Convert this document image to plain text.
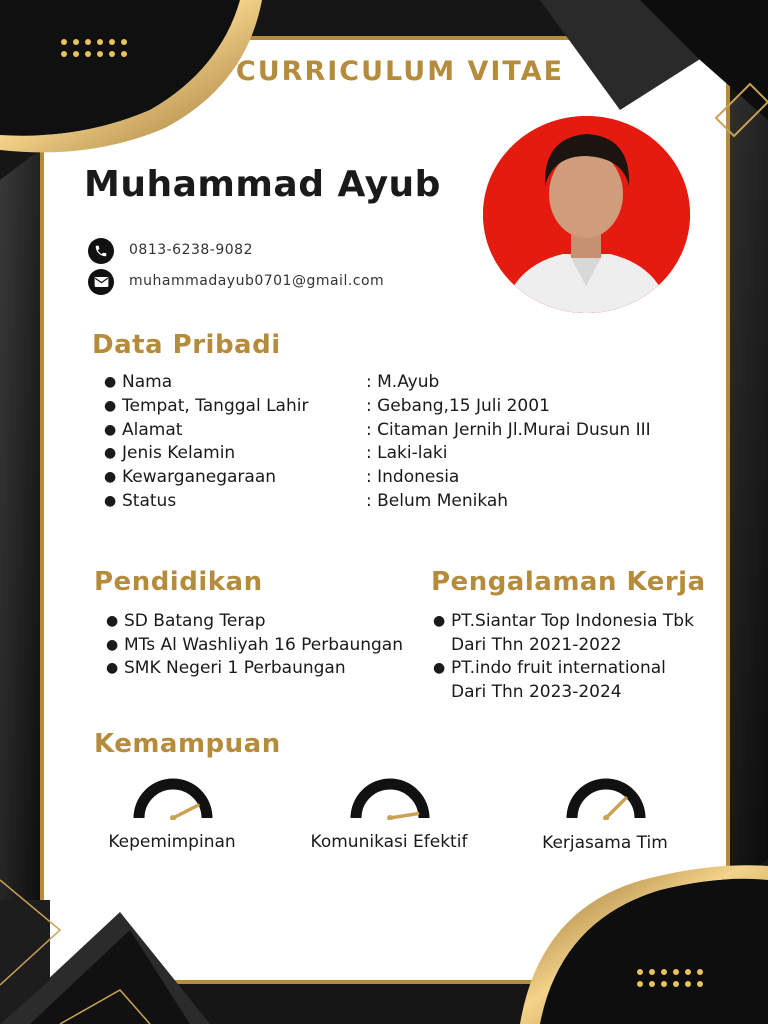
CURRICULUM VITAE
Muhammad Ayub
0813-6238-9082
muhammadayub0701@gmail.com
Data Pribadi
● Nama	: M.Ayub
● Tempat, Tanggal Lahir	: Gebang,15 Juli 2001
● Alamat	: Citaman Jernih Jl.Murai Dusun III
● Jenis Kelamin	: Laki-laki
● Kewarganegaraan	: Indonesia
● Status	: Belum Menikah
Pendidikan
● SD Batang Terap
● MTs Al Washliyah 16 Perbaungan
● SMK Negeri 1 Perbaungan
Pengalaman Kerja
● PT.Siantar Top Indonesia Tbk
Dari Thn 2021-2022
● PT.indo fruit international
Dari Thn 2023-2024
Kemampuan
Kepemimpinan	Komunikasi Efektif	Kerjasama Tim
